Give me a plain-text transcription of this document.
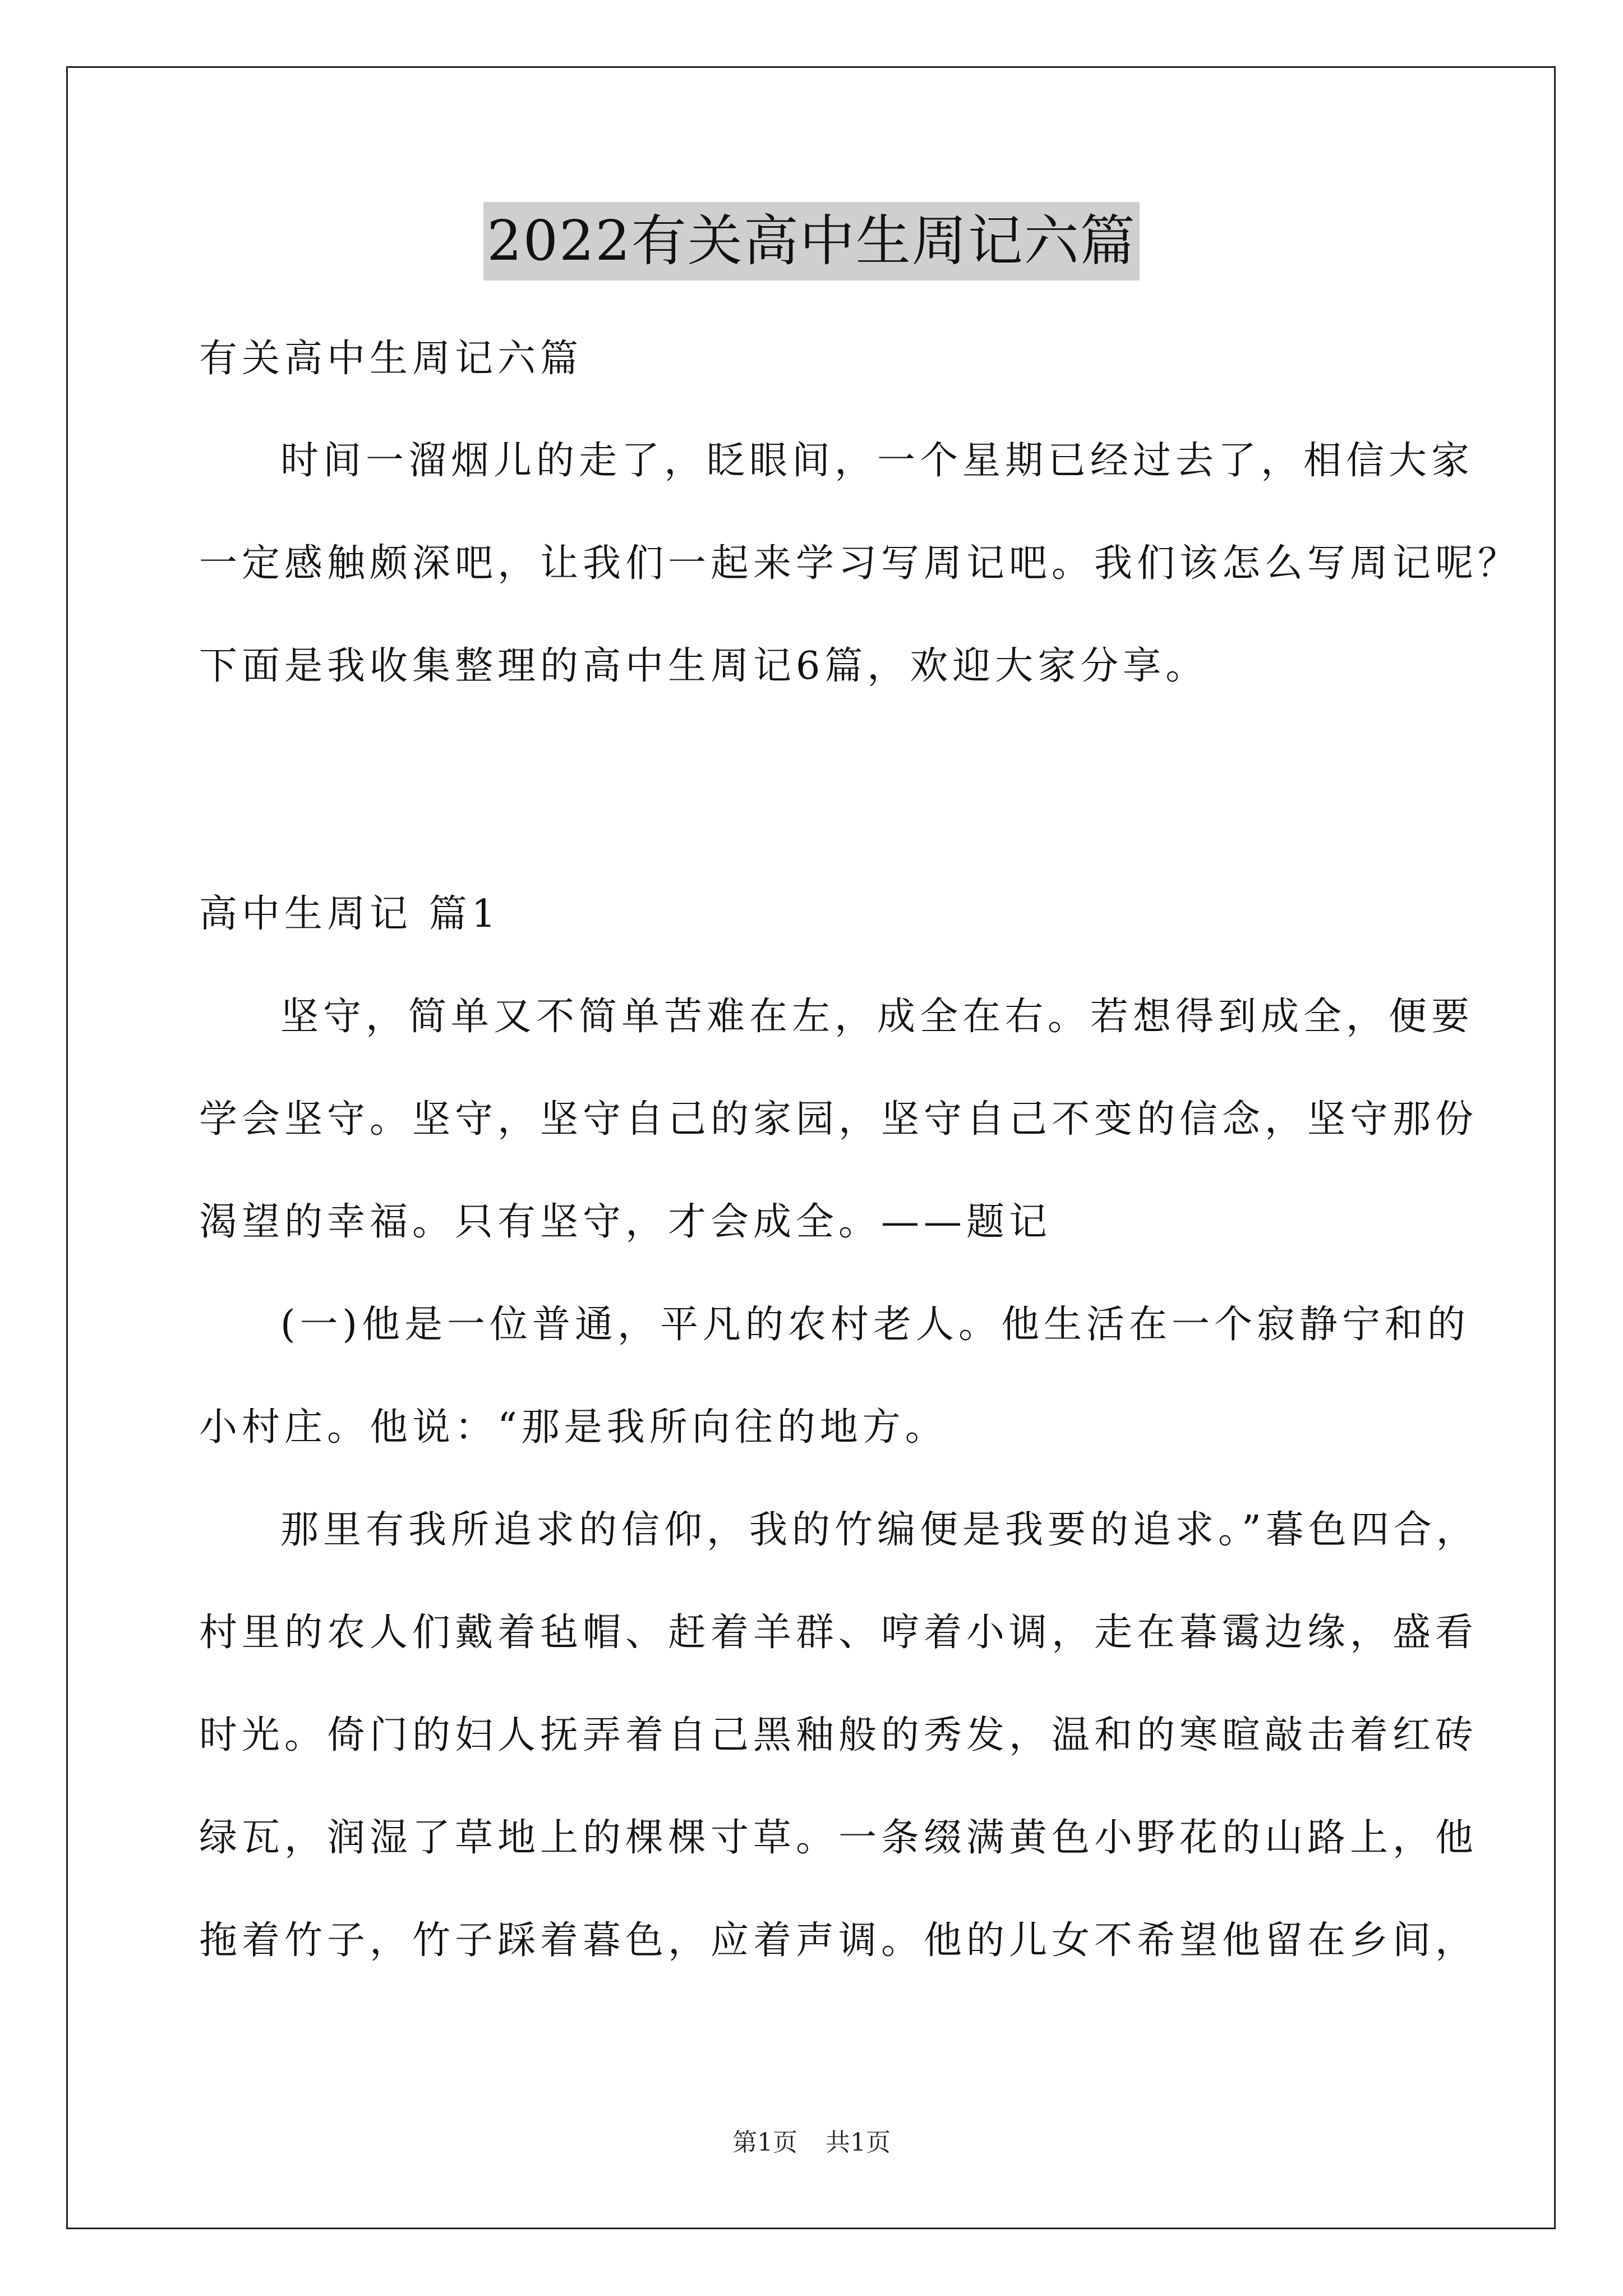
2022有关高中生周记六篇
有关高中生周记六篇
时间一溜烟儿的走了，眨眼间，一个星期已经过去了，相信大家
一定感触颇深吧，让我们一起来学习写周记吧。我们该怎么写周记呢？
下面是我收集整理的高中生周记6篇，欢迎大家分享。
高中生周记 篇1
坚守，简单又不简单苦难在左，成全在右。若想得到成全，便要
学会坚守。坚守，坚守自己的家园，坚守自己不变的信念，坚守那份
渴望的幸福。只有坚守，才会成全。——题记
(一)他是一位普通，平凡的农村老人。他生活在一个寂静宁和的
小村庄。他说：“那是我所向往的地方。
那里有我所追求的信仰，我的竹编便是我要的追求。”暮色四合，
村里的农人们戴着毡帽、赶着羊群、哼着小调，走在暮霭边缘，盛看
时光。倚门的妇人抚弄着自己黑釉般的秀发，温和的寒暄敲击着红砖
绿瓦，润湿了草地上的棵棵寸草。一条缀满黄色小野花的山路上，他
拖着竹子，竹子踩着暮色，应着声调。他的儿女不希望他留在乡间，
第1页 共1页
